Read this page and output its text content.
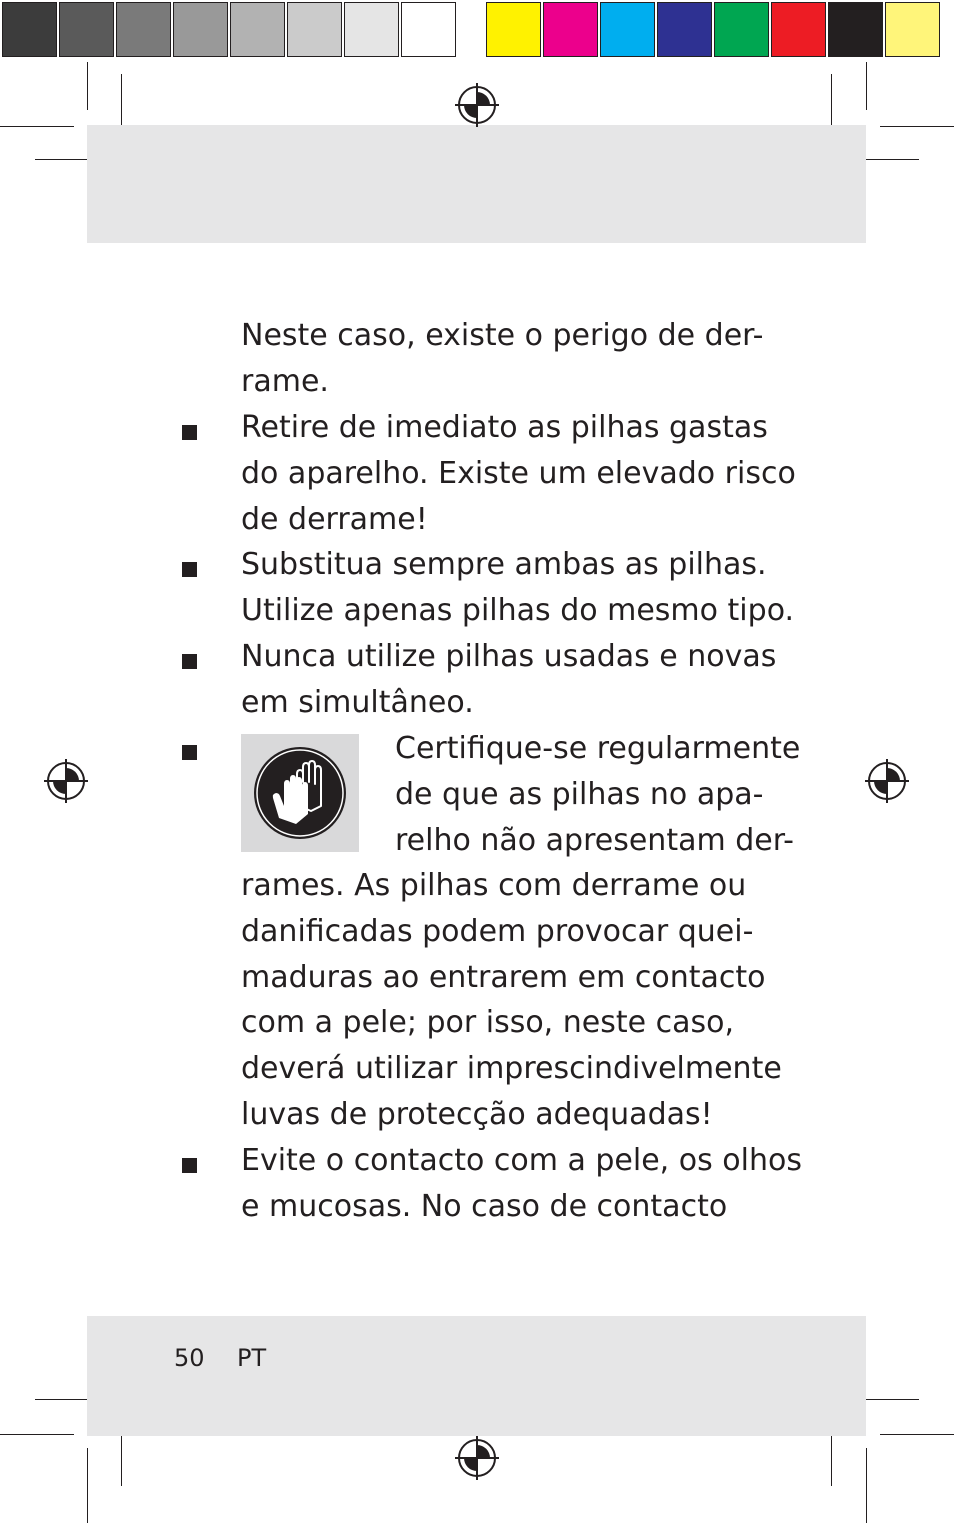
Neste caso, existe o perigo de der-
rame.
Retire de imediato as pilhas gastas
do aparelho. Existe um elevado risco
de derrame!
Substitua sempre ambas as pilhas.
Utilize apenas pilhas do mesmo tipo.
Nunca utilize pilhas usadas e novas
em simultâneo.
Certifique-se regularmente
de que as pilhas no apa-
relho não apresentam der-
rames. As pilhas com derrame ou
danificadas podem provocar quei-
maduras ao entrarem em contacto
com a pele; por isso, neste caso,
deverá utilizar imprescindivelmente
luvas de protecção adequadas!
Evite o contacto com a pele, os olhos
e mucosas. No caso de contacto
50 PT
